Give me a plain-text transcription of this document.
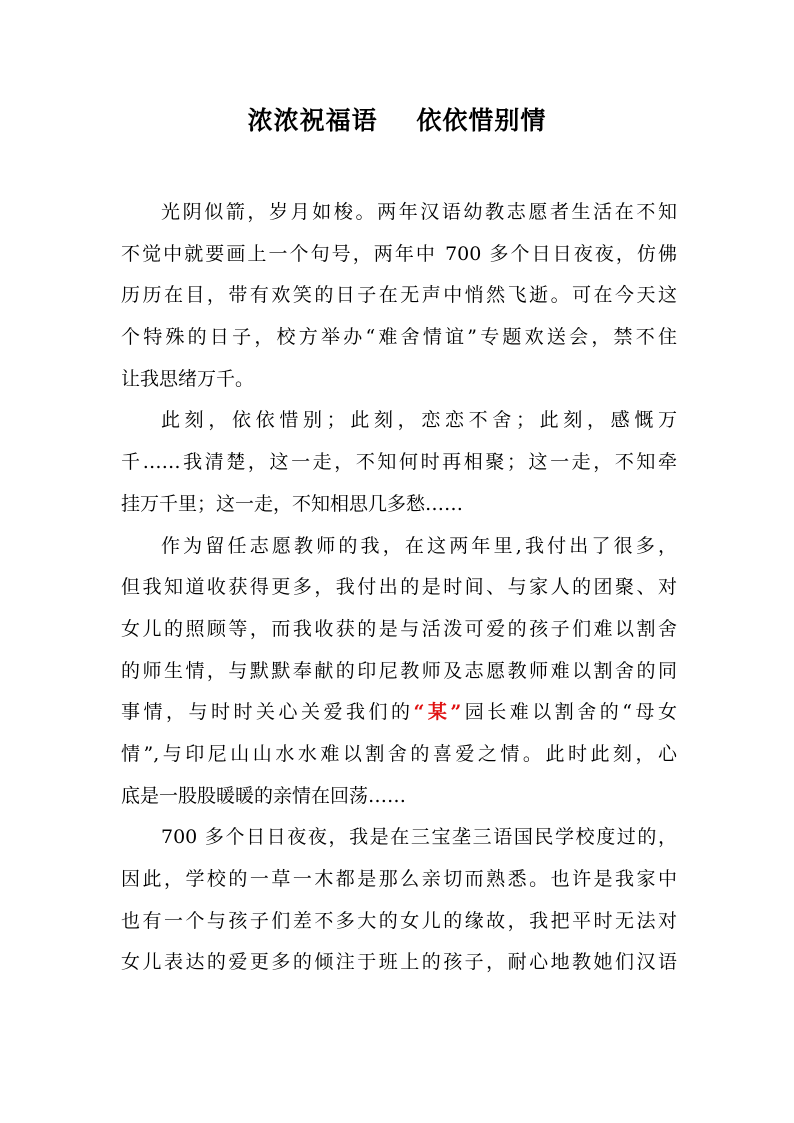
浓浓祝福语    依依惜别情
光阴似箭，岁月如梭。两年汉语幼教志愿者生活在不知
不觉中就要画上一个句号，两年中 700 多个日日夜夜，仿佛
历历在目，带有欢笑的日子在无声中悄然飞逝。可在今天这
个特殊的日子，校方举办“难舍情谊”专题欢送会，禁不住
让我思绪万千。
此刻，依依惜别；此刻，恋恋不舍；此刻，感慨万
千……我清楚，这一走，不知何时再相聚；这一走，不知牵
挂万千里；这一走，不知相思几多愁……
作为留任志愿教师的我，在这两年里,我付出了很多，
但我知道收获得更多，我付出的是时间、与家人的团聚、对
女儿的照顾等，而我收获的是与活泼可爱的孩子们难以割舍
的师生情，与默默奉献的印尼教师及志愿教师难以割舍的同
事情，与时时关心关爱我们的“某”园长难以割舍的“母女
情”,与印尼山山水水难以割舍的喜爱之情。此时此刻，心
底是一股股暖暖的亲情在回荡……
700 多个日日夜夜，我是在三宝垄三语国民学校度过的，
因此，学校的一草一木都是那么亲切而熟悉。也许是我家中
也有一个与孩子们差不多大的女儿的缘故，我把平时无法对
女儿表达的爱更多的倾注于班上的孩子，耐心地教她们汉语
